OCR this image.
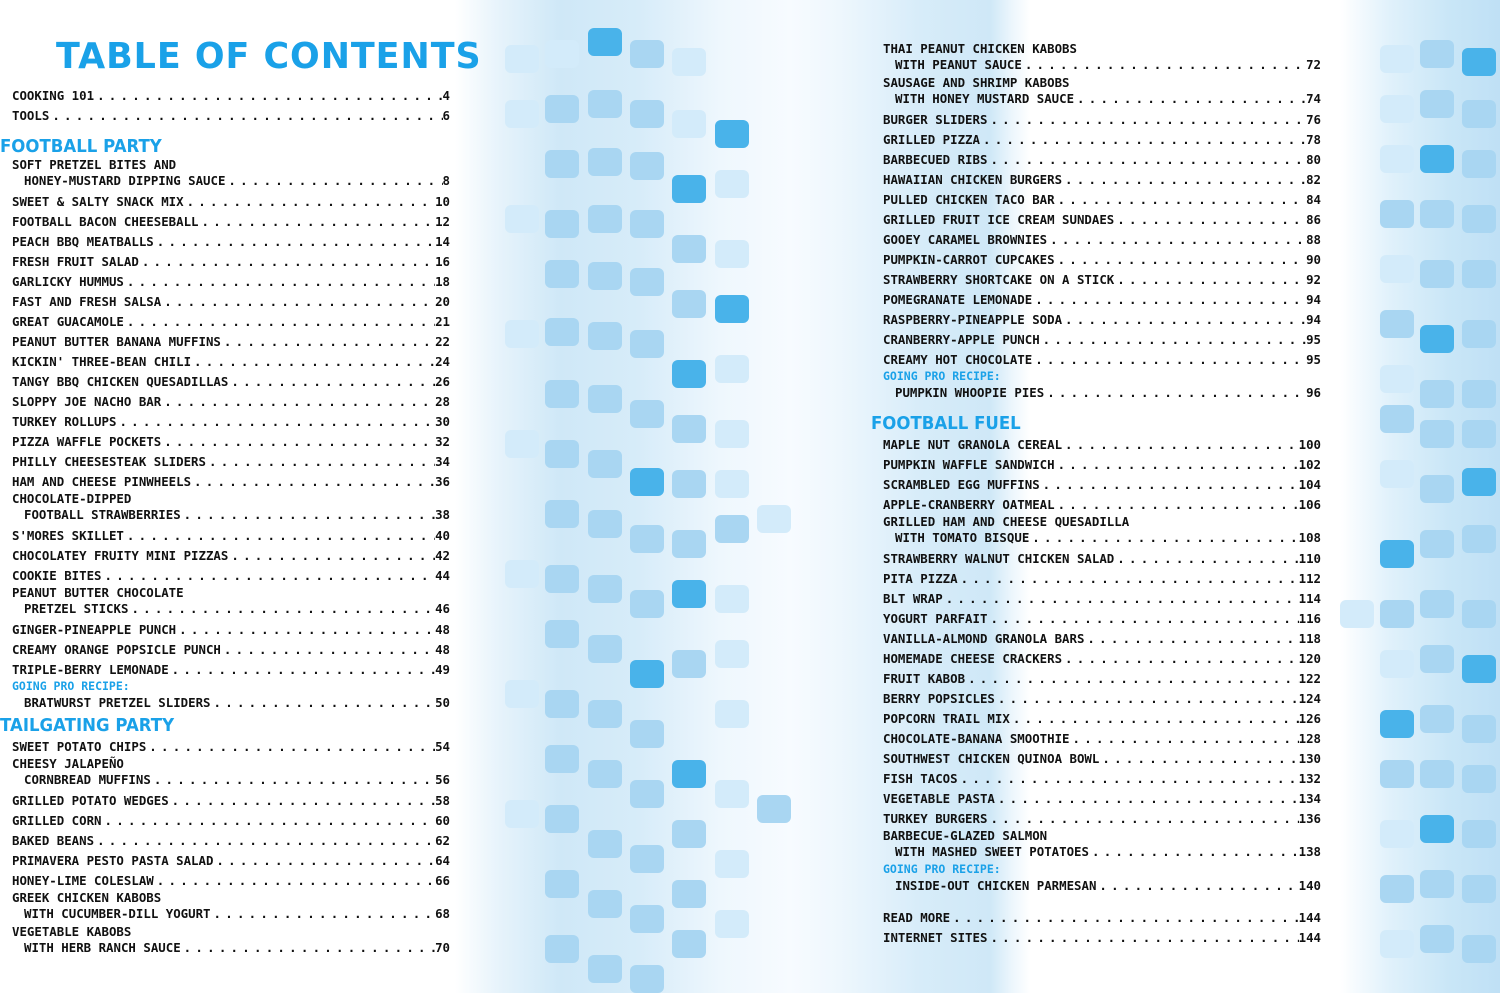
TABLE OF CONTENTS
COOKING 101 . . .	4
TOOLS . . .	6
FOOTBALL PARTY
SOFT PRETZEL BITES AND
HONEY-MUSTARD DIPPING SAUCE . . .	8
SWEET & SALTY SNACK MIX . . .	10
FOOTBALL BACON CHEESEBALL . . .	12
PEACH BBQ MEATBALLS . . .	14
FRESH FRUIT SALAD . . .	16
GARLICKY HUMMUS . . .	18
FAST AND FRESH SALSA . . .	20
GREAT GUACAMOLE . . .	21
PEANUT BUTTER BANANA MUFFINS . . .	22
KICKIN' THREE-BEAN CHILI . . .	24
TANGY BBQ CHICKEN QUESADILLAS . . .	26
SLOPPY JOE NACHO BAR . . .	28
TURKEY ROLLUPS . . .	30
PIZZA WAFFLE POCKETS . . .	32
PHILLY CHEESESTEAK SLIDERS . . .	34
HAM AND CHEESE PINWHEELS . . .	36
CHOCOLATE-DIPPED
FOOTBALL STRAWBERRIES . . .	38
S'MORES SKILLET . . .	40
CHOCOLATEY FRUITY MINI PIZZAS . . .	42
COOKIE BITES . . .	44
PEANUT BUTTER CHOCOLATE
PRETZEL STICKS . . .	46
GINGER-PINEAPPLE PUNCH . . .	48
CREAMY ORANGE POPSICLE PUNCH . . .	48
TRIPLE-BERRY LEMONADE . . .	49
GOING PRO RECIPE:
BRATWURST PRETZEL SLIDERS . . .	50
TAILGATING PARTY
SWEET POTATO CHIPS . . .	54
CHEESY JALAPEÑO
CORNBREAD MUFFINS . . .	56
GRILLED POTATO WEDGES . . .	58
GRILLED CORN . . .	60
BAKED BEANS . . .	62
PRIMAVERA PESTO PASTA SALAD . . .	64
HONEY-LIME COLESLAW . . .	66
GREEK CHICKEN KABOBS
WITH CUCUMBER-DILL YOGURT . . .	68
VEGETABLE KABOBS
WITH HERB RANCH SAUCE . . .	70
THAI PEANUT CHICKEN KABOBS
WITH PEANUT SAUCE . . .	72
SAUSAGE AND SHRIMP KABOBS
WITH HONEY MUSTARD SAUCE . . .	74
BURGER SLIDERS . . .	76
GRILLED PIZZA . . .	78
BARBECUED RIBS . . .	80
HAWAIIAN CHICKEN BURGERS . . .	82
PULLED CHICKEN TACO BAR . . .	84
GRILLED FRUIT ICE CREAM SUNDAES . . .	86
GOOEY CARAMEL BROWNIES . . .	88
PUMPKIN-CARROT CUPCAKES . . .	90
STRAWBERRY SHORTCAKE ON A STICK . . .	92
POMEGRANATE LEMONADE . . .	94
RASPBERRY-PINEAPPLE SODA . . .	94
CRANBERRY-APPLE PUNCH . . .	95
CREAMY HOT CHOCOLATE . . .	95
GOING PRO RECIPE:
PUMPKIN WHOOPIE PIES . . .	96
FOOTBALL FUEL
MAPLE NUT GRANOLA CEREAL . . .	100
PUMPKIN WAFFLE SANDWICH . . .	102
SCRAMBLED EGG MUFFINS . . .	104
APPLE-CRANBERRY OATMEAL . . .	106
GRILLED HAM AND CHEESE QUESADILLA
WITH TOMATO BISQUE . . .	108
STRAWBERRY WALNUT CHICKEN SALAD . . .	110
PITA PIZZA . . .	112
BLT WRAP . . .	114
YOGURT PARFAIT . . .	116
VANILLA-ALMOND GRANOLA BARS . . .	118
HOMEMADE CHEESE CRACKERS . . .	120
FRUIT KABOB . . .	122
BERRY POPSICLES . . .	124
POPCORN TRAIL MIX . . .	126
CHOCOLATE-BANANA SMOOTHIE . . .	128
SOUTHWEST CHICKEN QUINOA BOWL . . .	130
FISH TACOS . . .	132
VEGETABLE PASTA . . .	134
TURKEY BURGERS . . .	136
BARBECUE-GLAZED SALMON
WITH MASHED SWEET POTATOES . . .	138
GOING PRO RECIPE:
INSIDE-OUT CHICKEN PARMESAN . . .	140
READ MORE . . .	144
INTERNET SITES . . .	144
